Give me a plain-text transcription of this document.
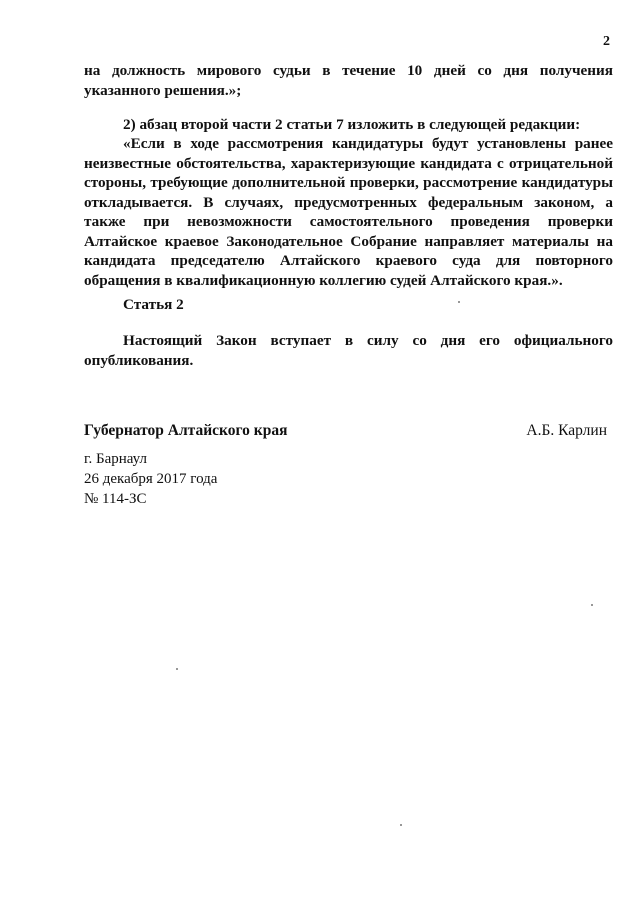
2

на должность мирового судьи в течение 10 дней со дня получения указанного решения.»;

2) абзац второй части 2 статьи 7 изложить в следующей редакции:

«Если в ходе рассмотрения кандидатуры будут установлены ранее неизвестные обстоятельства, характеризующие кандидата с отрицательной стороны, требующие дополнительной проверки, рассмотрение кандидатуры откладывается. В случаях, предусмотренных федеральным законом, а также при невозможности самостоятельного проведения проверки Алтайское краевое Законодательное Собрание направляет материалы на кандидата председателю Алтайского краевого суда для повторного обращения в квалификационную коллегию судей Алтайского края.».

Статья 2

Настоящий Закон вступает в силу со дня его официального опубликования.

Губернатор Алтайского края	А.Б. Карлин
г. Барнаул
26 декабря 2017 года
№ 114-ЗС
